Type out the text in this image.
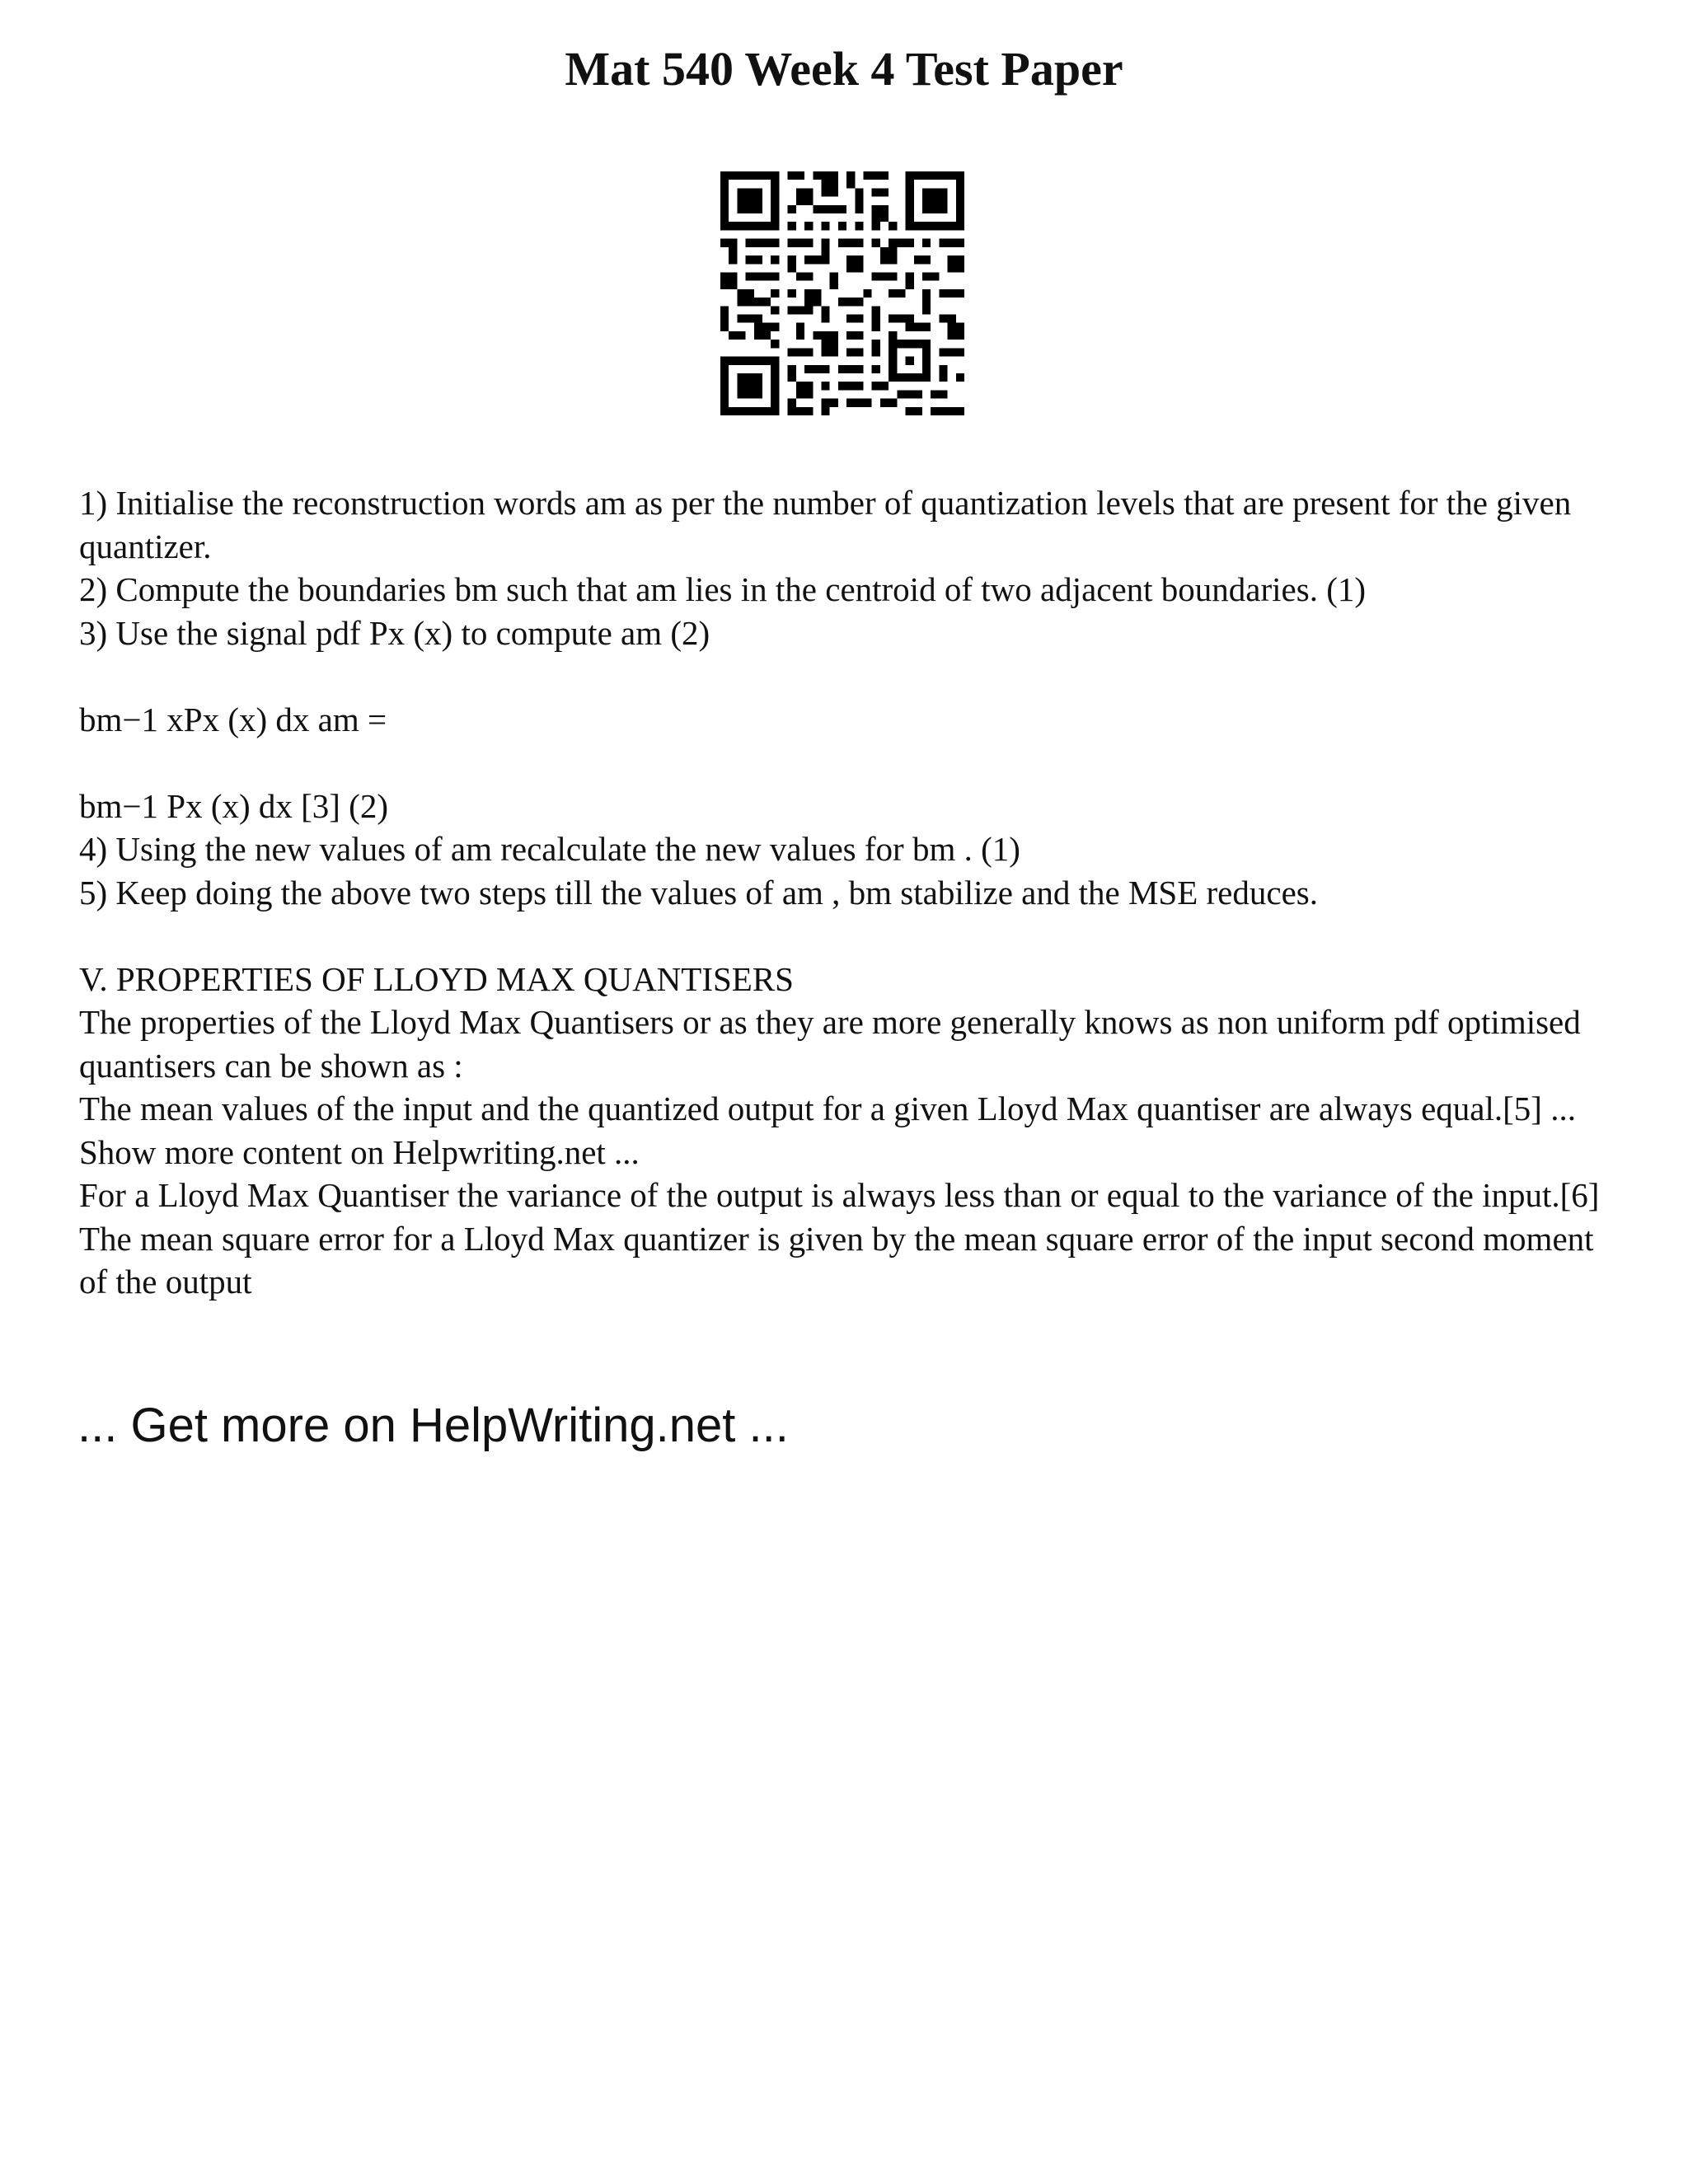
Mat 540 Week 4 Test Paper

1) Initialise the reconstruction words am as per the number of quantization levels that are present for the given quantizer.

2) Compute the boundaries bm such that am lies in the centroid of two adjacent boundaries. (1)

3) Use the signal pdf Px (x) to compute am (2)

bm−1 xPx (x) dx am =

bm−1 Px (x) dx [3] (2)

4) Using the new values of am recalculate the new values for bm . (1)

5) Keep doing the above two steps till the values of am , bm stabilize and the MSE reduces.

V. PROPERTIES OF LLOYD MAX QUANTISERS

The properties of the Lloyd Max Quantisers or as they are more generally knows as non uniform pdf optimised quantisers can be shown as :

The mean values of the input and the quantized output for a given Lloyd Max quantiser are always equal.[5] ... Show more content on Helpwriting.net ...

For a Lloyd Max Quantiser the variance of the output is always less than or equal to the variance of the input.[6]

The mean square error for a Lloyd Max quantizer is given by the mean square error of the input second moment of the output

... Get more on HelpWriting.net ...
